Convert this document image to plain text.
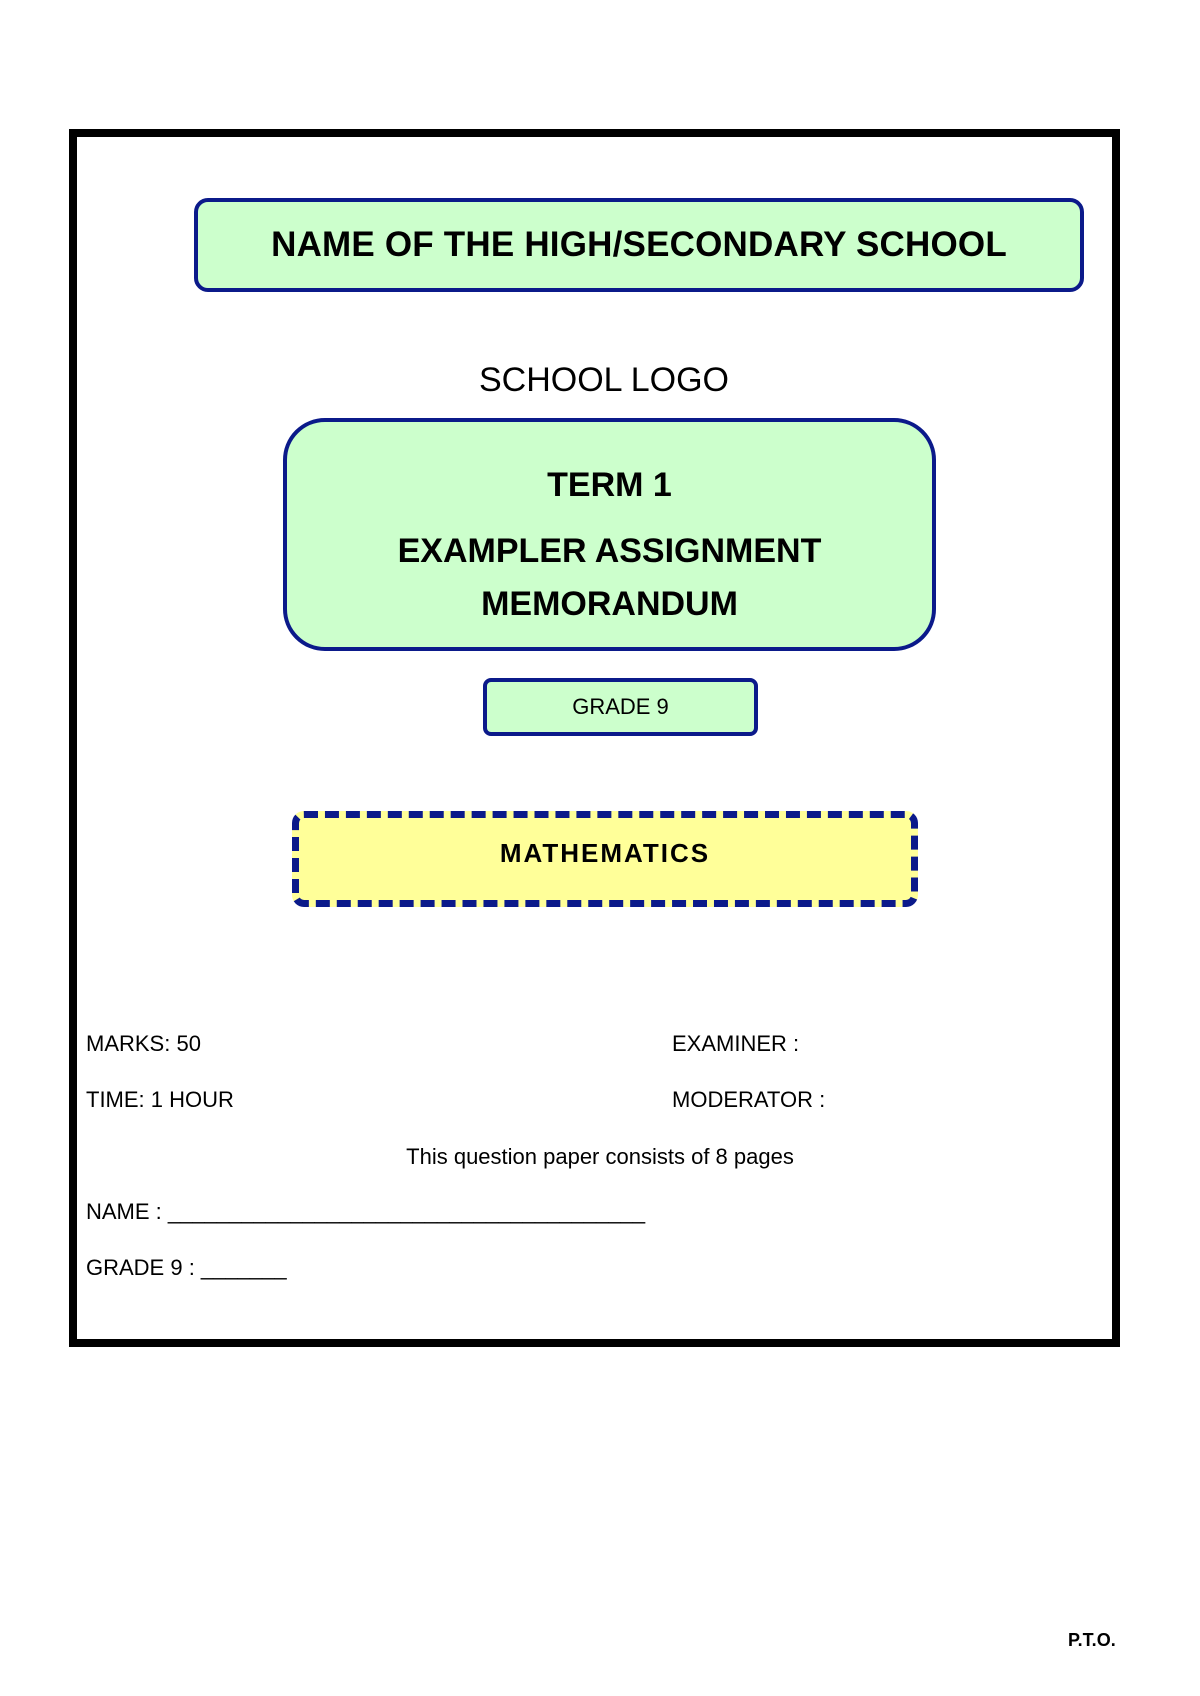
NAME OF THE HIGH/SECONDARY SCHOOL
SCHOOL LOGO
TERM 1
EXAMPLER ASSIGNMENT
MEMORANDUM
GRADE 9
MATHEMATICS
MARKS: 50	EXAMINER :
TIME: 1 HOUR	MODERATOR :
This question paper consists of 8 pages
NAME : _______________________________________
GRADE 9 : _______
P.T.O.
